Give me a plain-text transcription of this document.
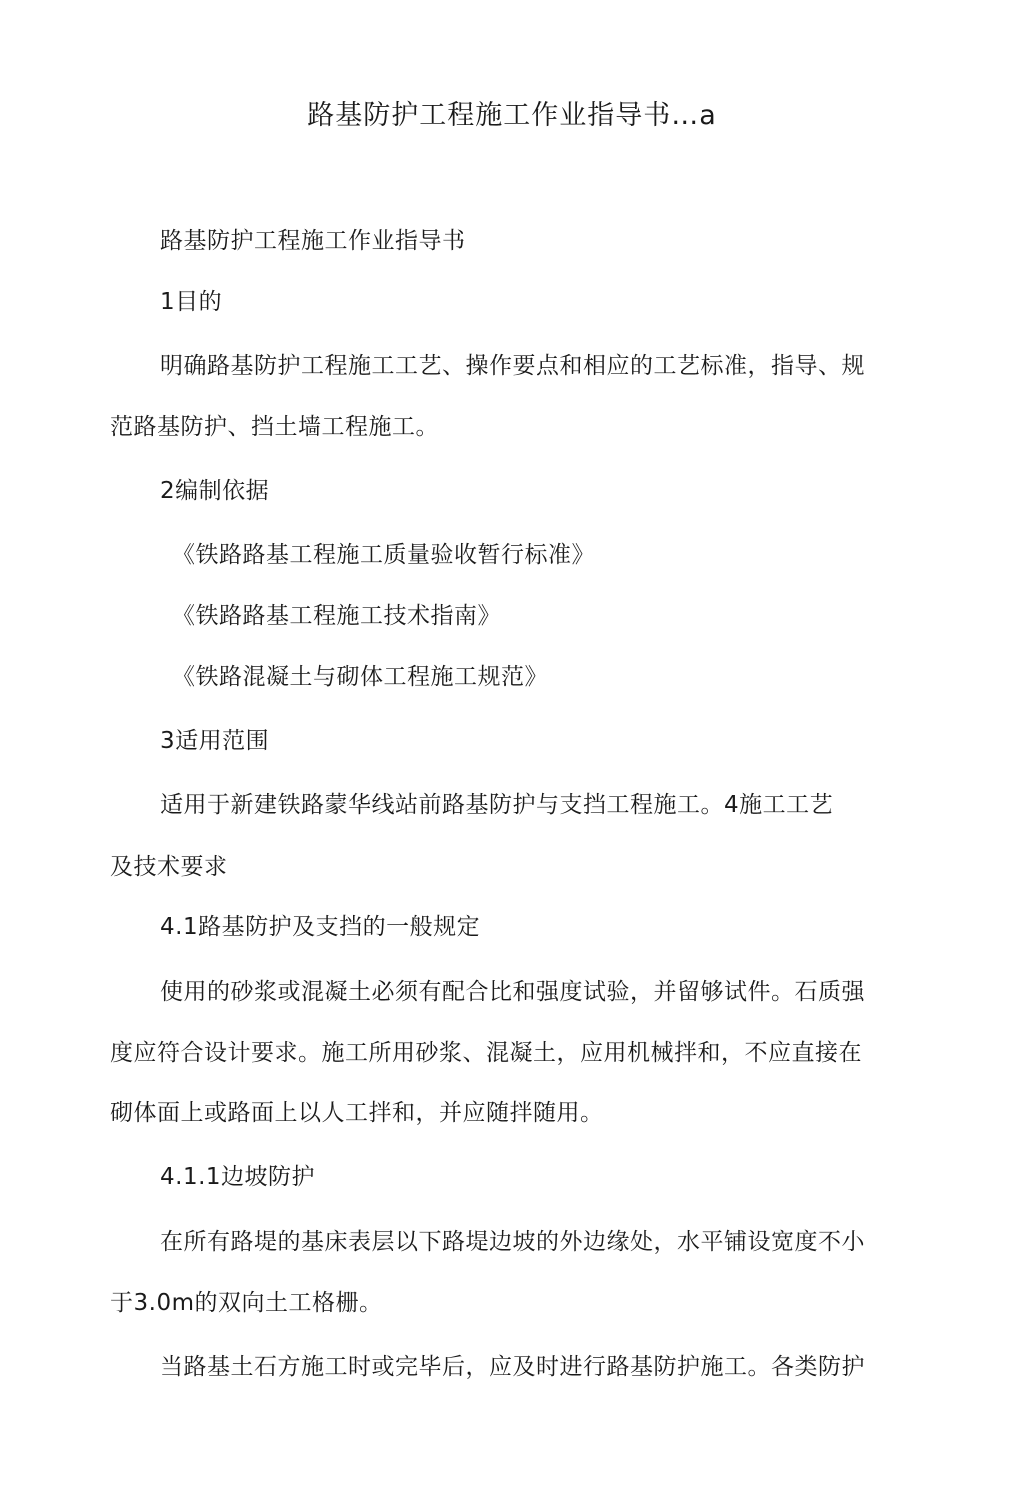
路基防护工程施工作业指导书…a
路基防护工程施工作业指导书
1目的
明确路基防护工程施工工艺、操作要点和相应的工艺标准，指导、规
范路基防护、挡土墙工程施工。
2编制依据
《铁路路基工程施工质量验收暂行标准》
《铁路路基工程施工技术指南》
《铁路混凝土与砌体工程施工规范》
3适用范围
适用于新建铁路蒙华线站前路基防护与支挡工程施工。4施工工艺
及技术要求
4.1路基防护及支挡的一般规定
使用的砂浆或混凝土必须有配合比和强度试验，并留够试件。石质强
度应符合设计要求。施工所用砂浆、混凝土，应用机械拌和，不应直接在
砌体面上或路面上以人工拌和，并应随拌随用。
4.1.1边坡防护
在所有路堤的基床表层以下路堤边坡的外边缘处，水平铺设宽度不小
于3.0m的双向土工格栅。
当路基土石方施工时或完毕后，应及时进行路基防护施工。各类防护
